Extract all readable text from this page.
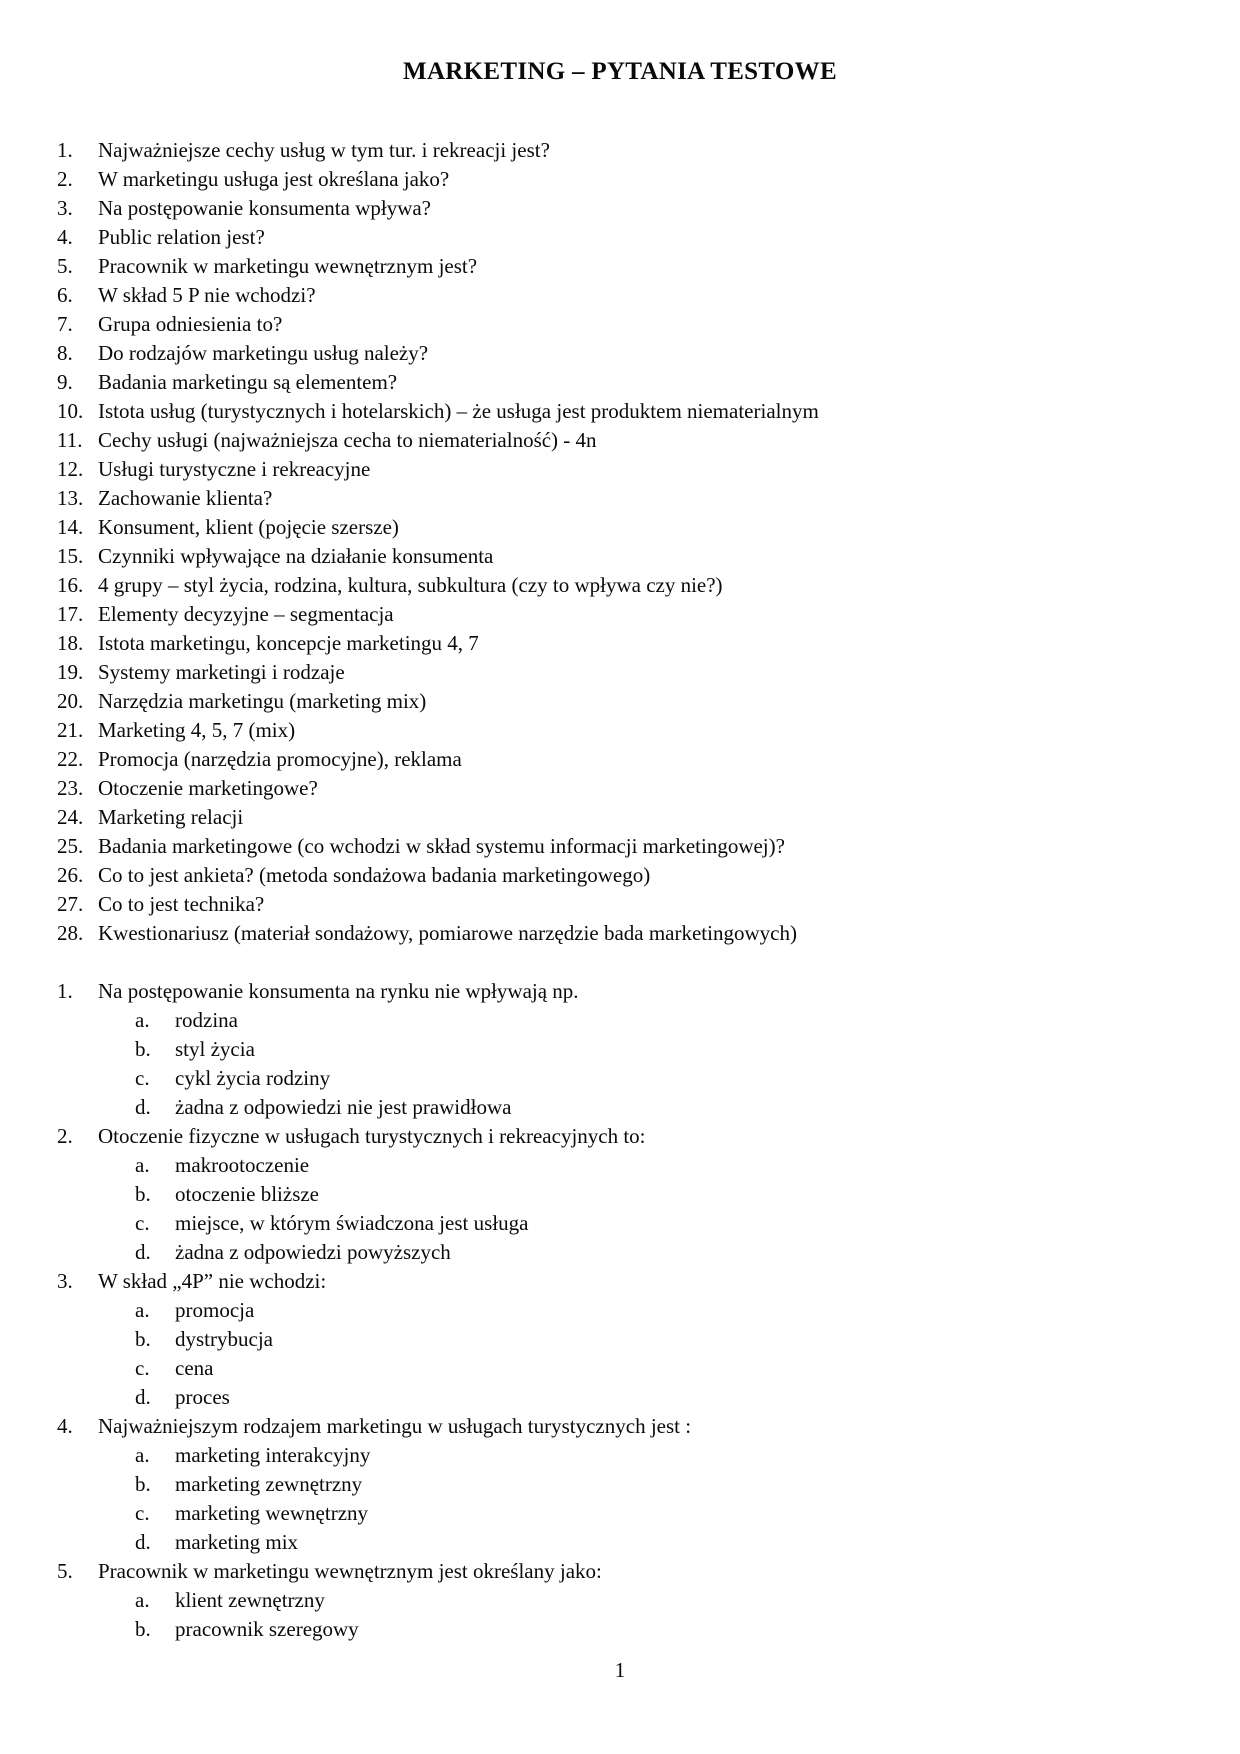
MARKETING – PYTANIA TESTOWE
1.	Najważniejsze cechy usług w tym tur. i rekreacji jest?
2.	W marketingu usługa jest określana jako?
3.	Na postępowanie konsumenta wpływa?
4.	Public relation jest?
5.	Pracownik w marketingu wewnętrznym jest?
6.	W skład 5 P nie wchodzi?
7.	Grupa odniesienia to?
8.	Do rodzajów marketingu usług należy?
9.	Badania marketingu są elementem?
10. Istota usług (turystycznych i hotelarskich) – że usługa jest produktem niematerialnym
11. Cechy usługi (najważniejsza cecha to niematerialność) - 4n
12. Usługi turystyczne i rekreacyjne
13. Zachowanie klienta?
14. Konsument, klient (pojęcie szersze)
15. Czynniki wpływające na działanie konsumenta
16. 4 grupy – styl życia, rodzina, kultura, subkultura (czy to wpływa czy nie?)
17. Elementy decyzyjne – segmentacja
18. Istota marketingu, koncepcje marketingu 4, 7
19. Systemy marketingi i rodzaje
20. Narzędzia marketingu (marketing mix)
21. Marketing 4, 5, 7 (mix)
22. Promocja (narzędzia promocyjne), reklama
23. Otoczenie marketingowe?
24. Marketing relacji
25. Badania marketingowe (co wchodzi w skład systemu informacji marketingowej)?
26. Co to jest ankieta? (metoda sondażowa badania marketingowego)
27. Co to jest technika?
28. Kwestionariusz (materiał sondażowy, pomiarowe narzędzie bada marketingowych)
1.	Na postępowanie konsumenta na rynku nie wpływają np.
a.	rodzina
b.	styl życia
c.	cykl życia rodziny
d.	żadna z odpowiedzi nie jest prawidłowa
2.	Otoczenie fizyczne w usługach turystycznych i rekreacyjnych to:
a.	makrootoczenie
b.	otoczenie bliższe
c.	miejsce, w którym świadczona jest usługa
d.	żadna z odpowiedzi powyższych
3.	W skład „4P” nie wchodzi:
a.	promocja
b.	dystrybucja
c.	cena
d.	proces
4.	Najważniejszym rodzajem marketingu w usługach turystycznych jest :
a.	marketing interakcyjny
b.	marketing zewnętrzny
c.	marketing wewnętrzny
d.	marketing mix
5.	Pracownik w marketingu wewnętrznym jest określany jako:
a.	klient zewnętrzny
b.	pracownik szeregowy
1
